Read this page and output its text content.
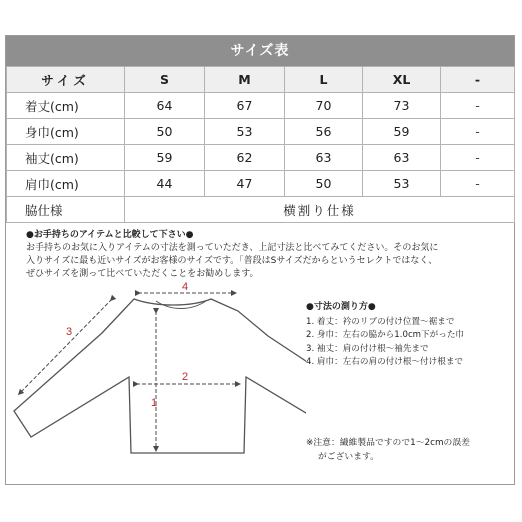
サイズ表
サイズ	S	M	L	XL	-
着丈(cm)	64	67	70	73	-
身巾(cm)	50	53	56	59	-
袖丈(cm)	59	62	63	63	-
肩巾(cm)	44	47	50	53	-
脇仕様	横割り仕様				
●お手持ちのアイテムと比較して下さい●
お手持ちのお気に入りアイテムの寸法を測っていただき、上記寸法と比べてみてください。そのお気に
入りサイズに最も近いサイズがお客様のサイズです。「普段はSサイズだからというセレクトではなく、
ぜひサイズを測って比べていただくことをお勧めします。
1
2
3
4
●寸法の測り方●
1. 着丈：衿のリブの付け位置〜裾まで
2. 身巾：左右の脇から1.0cm下がった巾
3. 袖丈：肩の付け根〜袖先まで
4. 肩巾：左右の肩の付け根〜付け根まで
※注意：繊維製品ですので1〜2cmの誤差
がございます。
